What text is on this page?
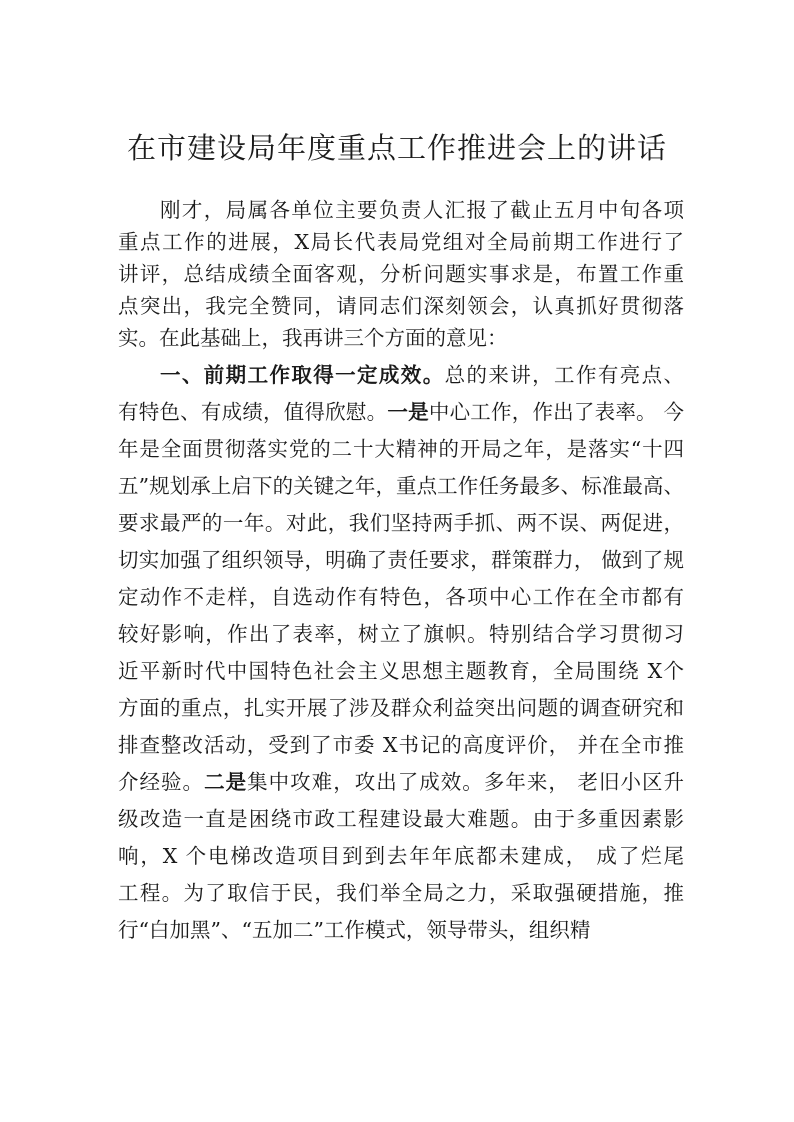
在市建设局年度重点工作推进会上的讲话

刚才，局属各单位主要负责人汇报了截止五月中旬各项

重点工作的进展，X局长代表局党组对全局前期工作进行了

讲评，总结成绩全面客观，分析问题实事求是，布置工作重

点突出，我完全赞同，请同志们深刻领会，认真抓好贯彻落

实。在此基础上，我再讲三个方面的意见：

一、前期工作取得一定成效。总的来讲，工作有亮点、

有特色、有成绩，值得欣慰。一是中心工作，作出了表率。 今

年是全面贯彻落实党的二十大精神的开局之年，是落实“十四

五”规划承上启下的关键之年，重点工作任务最多、标准最高、

要求最严的一年。对此，我们坚持两手抓、两不误、两促进，

切实加强了组织领导，明确了责任要求，群策群力， 做到了规

定动作不走样，自选动作有特色，各项中心工作在全市都有

较好影响，作出了表率，树立了旗帜。特别结合学习贯彻习

近平新时代中国特色社会主义思想主题教育，全局围绕 X个

方面的重点，扎实开展了涉及群众利益突出问题的调查研究和

排查整改活动，受到了市委 X书记的高度评价， 并在全市推

介经验。二是集中攻难，攻出了成效。多年来， 老旧小区升

级改造一直是困绕市政工程建设最大难题。由于多重因素影

响，X 个电梯改造项目到到去年年底都未建成， 成了烂尾

工程。为了取信于民，我们举全局之力，采取强硬措施，推

行“白加黑”、“五加二”工作模式，领导带头，组织精
